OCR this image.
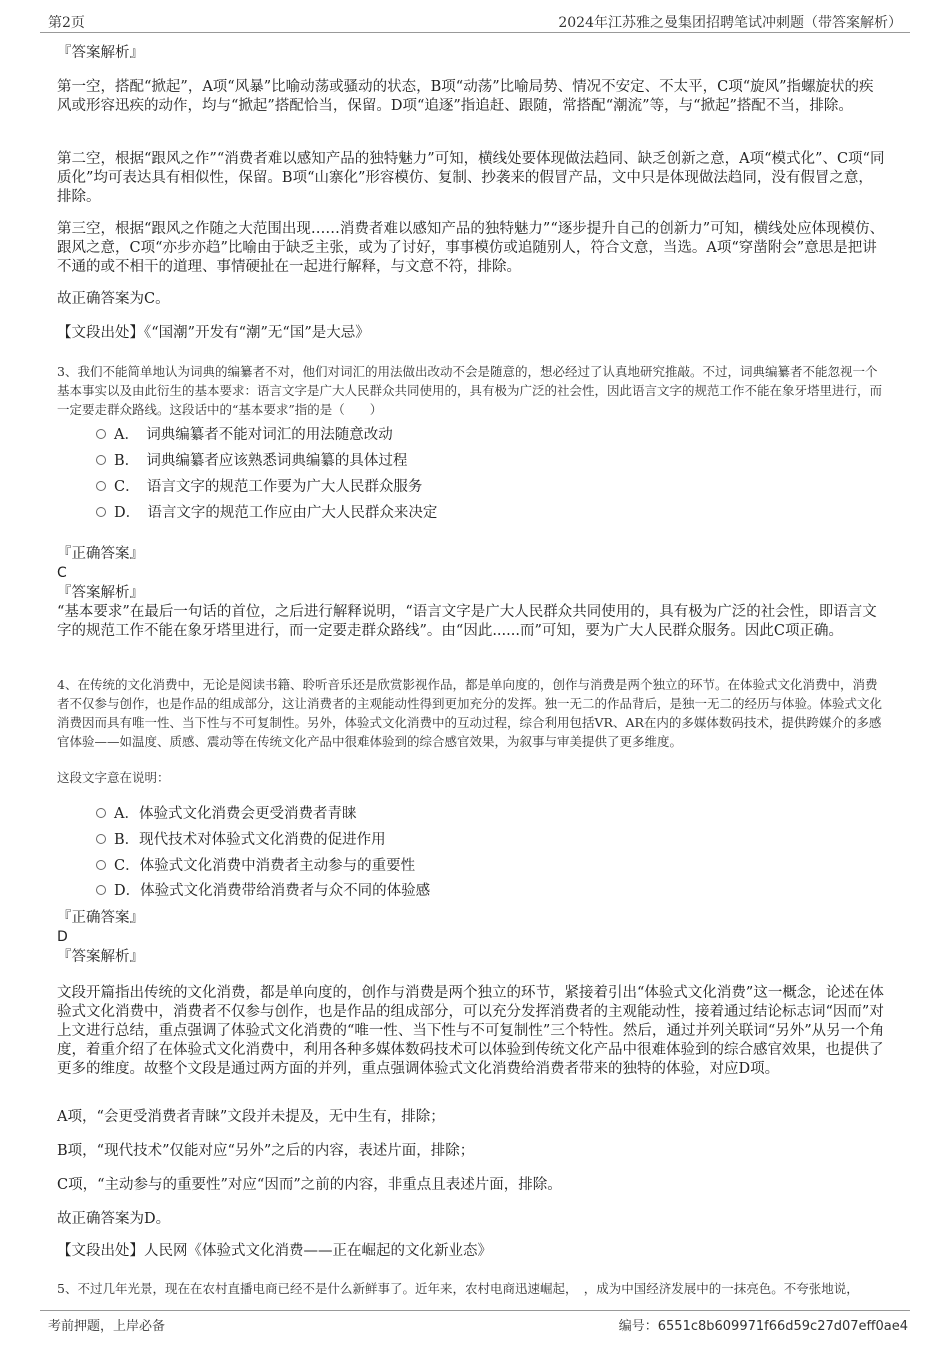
第2页	2024年江苏雅之曼集团招聘笔试冲刺题（带答案解析）

『答案解析』

第一空，搭配“掀起”，A项“风暴”比喻动荡或骚动的状态，B项“动荡”比喻局势、情况不安定、不太平，C项“旋风”指螺旋状的疾风或形容迅疾的动作，均与“掀起”搭配恰当，保留。D项“追逐”指追赶、跟随，常搭配“潮流”等，与“掀起”搭配不当，排除。

第二空，根据“跟风之作”“消费者难以感知产品的独特魅力”可知，横线处要体现做法趋同、缺乏创新之意，A项“模式化”、C项“同质化”均可表达具有相似性，保留。B项“山寨化”形容模仿、复制、抄袭来的假冒产品，文中只是体现做法趋同，没有假冒之意，排除。

第三空，根据“跟风之作随之大范围出现……消费者难以感知产品的独特魅力”“逐步提升自己的创新力”可知，横线处应体现模仿、跟风之意，C项“亦步亦趋”比喻由于缺乏主张，或为了讨好，事事模仿或追随别人，符合文意，当选。A项“穿凿附会”意思是把讲不通的或不相干的道理、事情硬扯在一起进行解释，与文意不符，排除。

故正确答案为C。

【文段出处】《“国潮”开发有“潮”无“国”是大忌》

3、我们不能简单地认为词典的编纂者不对，他们对词汇的用法做出改动不会是随意的，想必经过了认真地研究推敲。不过，词典编纂者不能忽视一个基本事实以及由此衍生的基本要求：语言文字是广大人民群众共同使用的，具有极为广泛的社会性，因此语言文字的规范工作不能在象牙塔里进行，而一定要走群众路线。这段话中的“基本要求”指的是（　　）

A．　词典编纂者不能对词汇的用法随意改动
B．　词典编纂者应该熟悉词典编纂的具体过程
C．　语言文字的规范工作要为广大人民群众服务
D．　语言文字的规范工作应由广大人民群众来决定

『正确答案』

C

『答案解析』

“基本要求”在最后一句话的首位，之后进行解释说明，“语言文字是广大人民群众共同使用的，具有极为广泛的社会性，即语言文字的规范工作不能在象牙塔里进行，而一定要走群众路线”。由“因此......而”可知，要为广大人民群众服务。因此C项正确。

4、在传统的文化消费中，无论是阅读书籍、聆听音乐还是欣赏影视作品，都是单向度的，创作与消费是两个独立的环节。在体验式文化消费中，消费者不仅参与创作，也是作品的组成部分，这让消费者的主观能动性得到更加充分的发挥。独一无二的作品背后，是独一无二的经历与体验。体验式文化消费因而具有唯一性、当下性与不可复制性。另外，体验式文化消费中的互动过程，综合利用包括VR、AR在内的多媒体数码技术，提供跨媒介的多感官体验——如温度、质感、震动等在传统文化产品中很难体验到的综合感官效果，为叙事与审美提供了更多维度。

这段文字意在说明：

A．体验式文化消费会更受消费者青睐
B．现代技术对体验式文化消费的促进作用
C．体验式文化消费中消费者主动参与的重要性
D．体验式文化消费带给消费者与众不同的体验感

『正确答案』

D

『答案解析』

文段开篇指出传统的文化消费，都是单向度的，创作与消费是两个独立的环节，紧接着引出“体验式文化消费”这一概念，论述在体验式文化消费中，消费者不仅参与创作，也是作品的组成部分，可以充分发挥消费者的主观能动性，接着通过结论标志词“因而”对上文进行总结，重点强调了体验式文化消费的“唯一性、当下性与不可复制性”三个特性。然后，通过并列关联词“另外”从另一个角度，着重介绍了在体验式文化消费中，利用各种多媒体数码技术可以体验到传统文化产品中很难体验到的综合感官效果，也提供了更多的维度。故整个文段是通过两方面的并列，重点强调体验式文化消费给消费者带来的独特的体验，对应D项。

A项，“会更受消费者青睐”文段并未提及，无中生有，排除；

B项，“现代技术”仅能对应“另外”之后的内容，表述片面，排除；

C项，“主动参与的重要性”对应“因而”之前的内容，非重点且表述片面，排除。

故正确答案为D。

【文段出处】人民网《体验式文化消费——正在崛起的文化新业态》

5、不过几年光景，现在在农村直播电商已经不是什么新鲜事了。近年来，农村电商迅速崛起，　，成为中国经济发展中的一抹亮色。不夸张地说，

考前押题，上岸必备	编号：6551c8b609971f66d59c27d07eff0ae4
